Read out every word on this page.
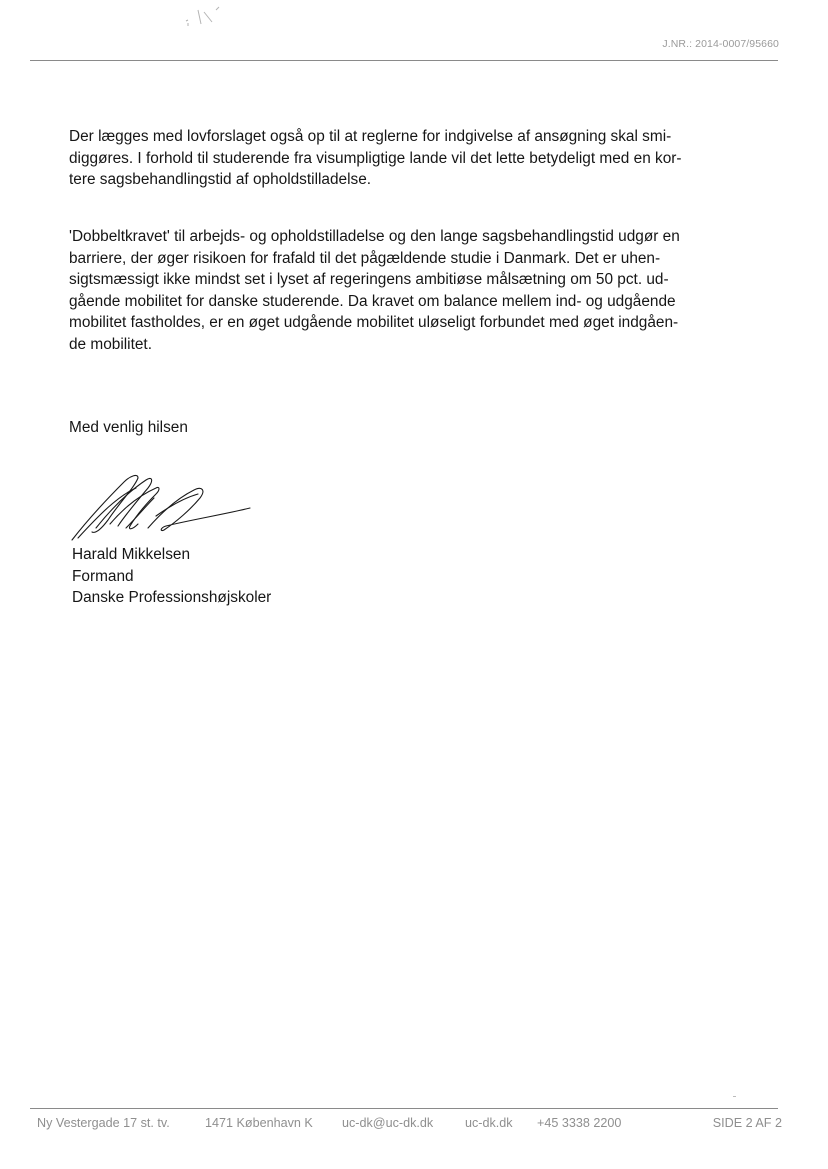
J.NR.: 2014-0007/95660
Der lægges med lovforslaget også op til at reglerne for indgivelse af ansøgning skal smi-
diggøres. I forhold til studerende fra visumpligtige lande vil det lette betydeligt med en kor-
tere sagsbehandlingstid af opholdstilladelse.
'Dobbeltkravet' til arbejds- og opholdstilladelse og den lange sagsbehandlingstid udgør en
barriere, der øger risikoen for frafald til det pågældende studie i Danmark. Det er uhen-
sigtsmæssigt ikke mindst set i lyset af regeringens ambitiøse målsætning om 50 pct. ud-
gående mobilitet for danske studerende. Da kravet om balance mellem ind- og udgående
mobilitet fastholdes, er en øget udgående mobilitet uløseligt forbundet med øget indgåen-
de mobilitet.
Med venlig hilsen
Harald Mikkelsen
Formand
Danske Professionshøjskoler
Ny Vestergade 17 st. tv.	1471 København K uc-dk@uc-dk.dk	uc-dk.dk +45 3338 2200	SIDE 2 AF 2
